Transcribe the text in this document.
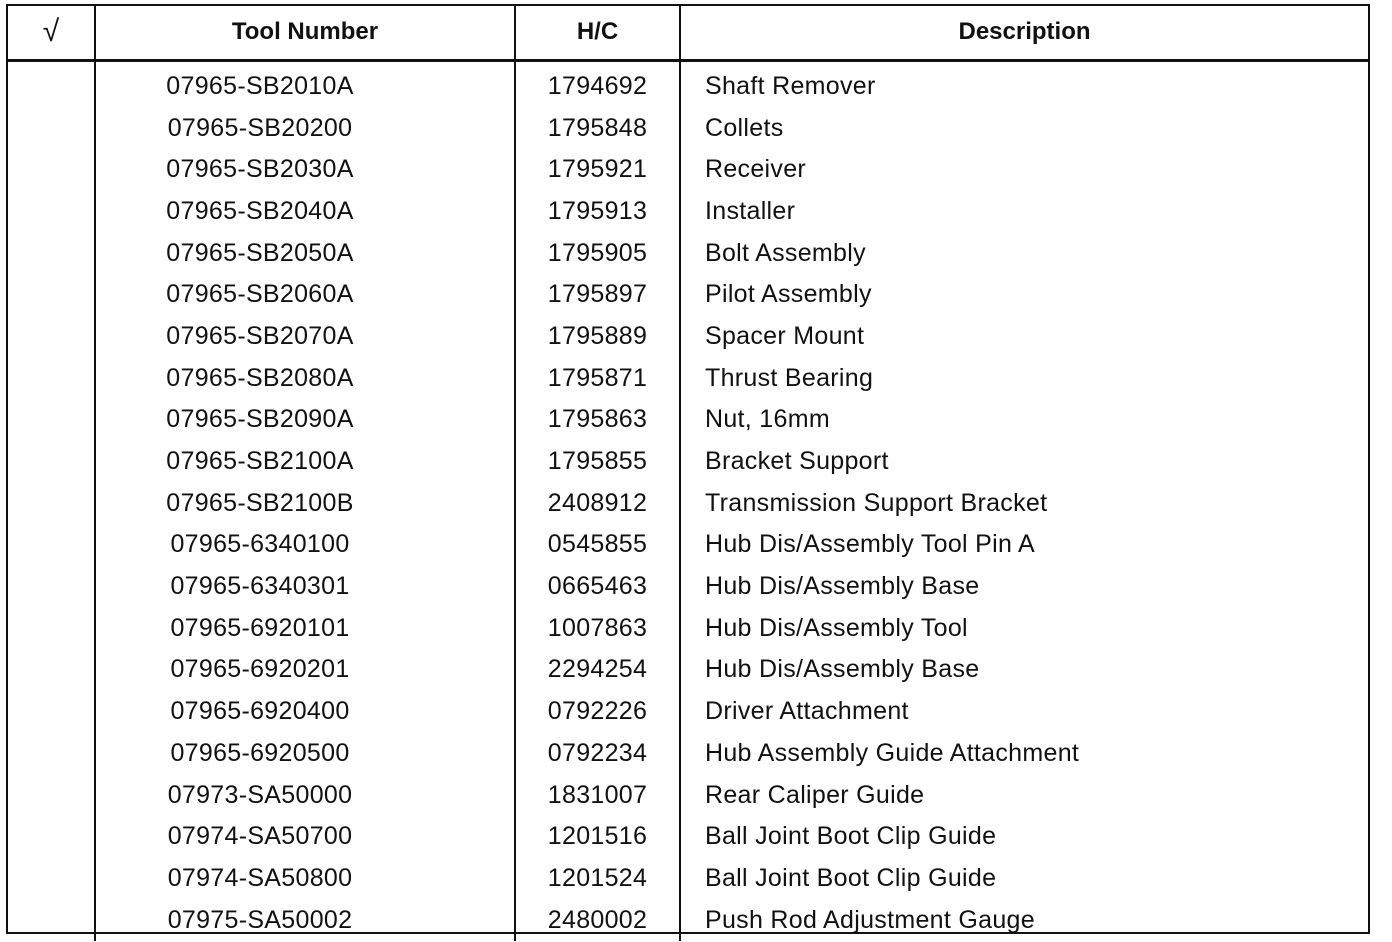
√	Tool Number	H/C	Description
	07965-SB2010A	1794692	Shaft Remover
	07965-SB20200	1795848	Collets
	07965-SB2030A	1795921	Receiver
	07965-SB2040A	1795913	Installer
	07965-SB2050A	1795905	Bolt Assembly
	07965-SB2060A	1795897	Pilot Assembly
	07965-SB2070A	1795889	Spacer Mount
	07965-SB2080A	1795871	Thrust Bearing
	07965-SB2090A	1795863	Nut, 16mm
	07965-SB2100A	1795855	Bracket Support
	07965-SB2100B	2408912	Transmission Support Bracket
	07965-6340100	0545855	Hub Dis/Assembly Tool Pin A
	07965-6340301	0665463	Hub Dis/Assembly Base
	07965-6920101	1007863	Hub Dis/Assembly Tool
	07965-6920201	2294254	Hub Dis/Assembly Base
	07965-6920400	0792226	Driver Attachment
	07965-6920500	0792234	Hub Assembly Guide Attachment
	07973-SA50000	1831007	Rear Caliper Guide
	07974-SA50700	1201516	Ball Joint Boot Clip Guide
	07974-SA50800	1201524	Ball Joint Boot Clip Guide
	07975-SA50002	2480002	Push Rod Adjustment Gauge
